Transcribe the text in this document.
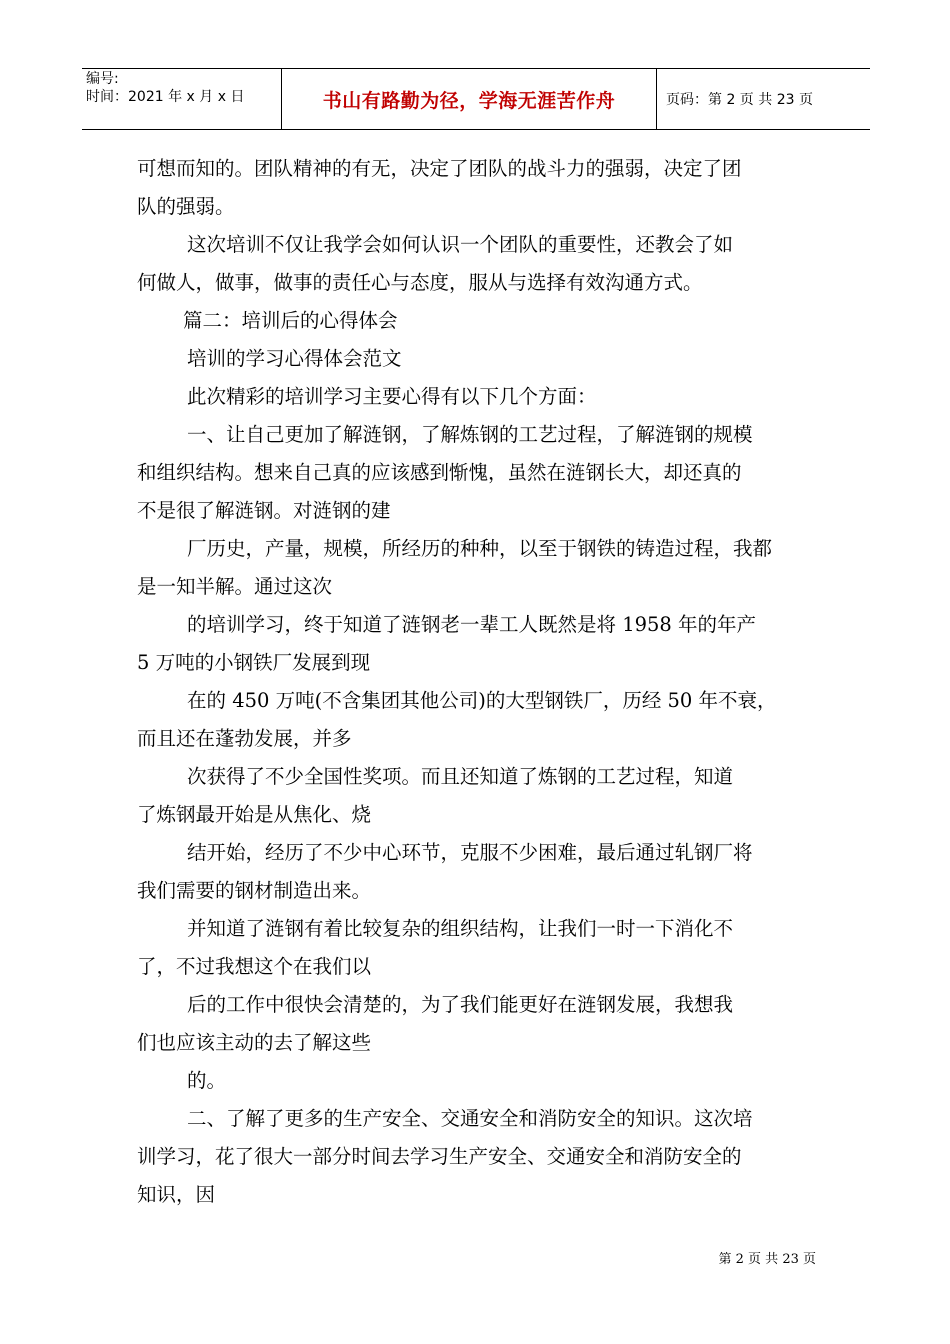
编号:
时间：2021 年 x 月 x 日	书山有路勤为径，学海无涯苦作舟	页码：第 2 页 共 23 页
可想而知的。团队精神的有无，决定了团队的战斗力的强弱，决定了团
队的强弱。
这次培训不仅让我学会如何认识一个团队的重要性，还教会了如
何做人，做事，做事的责任心与态度，服从与选择有效沟通方式。
篇二：培训后的心得体会
培训的学习心得体会范文
此次精彩的培训学习主要心得有以下几个方面：
一、让自己更加了解涟钢，了解炼钢的工艺过程，了解涟钢的规模
和组织结构。想来自己真的应该感到惭愧，虽然在涟钢长大，却还真的
不是很了解涟钢。对涟钢的建
厂历史，产量，规模，所经历的种种，以至于钢铁的铸造过程，我都
是一知半解。通过这次
的培训学习，终于知道了涟钢老一辈工人既然是将 1958 年的年产
5 万吨的小钢铁厂发展到现
在的 450 万吨(不含集团其他公司)的大型钢铁厂，历经 50 年不衰，
而且还在蓬勃发展，并多
次获得了不少全国性奖项。而且还知道了炼钢的工艺过程，知道
了炼钢最开始是从焦化、烧
结开始，经历了不少中心环节，克服不少困难，最后通过轧钢厂将
我们需要的钢材制造出来。
并知道了涟钢有着比较复杂的组织结构，让我们一时一下消化不
了，不过我想这个在我们以
后的工作中很快会清楚的，为了我们能更好在涟钢发展，我想我
们也应该主动的去了解这些
的。
二、了解了更多的生产安全、交通安全和消防安全的知识。这次培
训学习，花了很大一部分时间去学习生产安全、交通安全和消防安全的
知识，因
第 2 页 共 23 页
